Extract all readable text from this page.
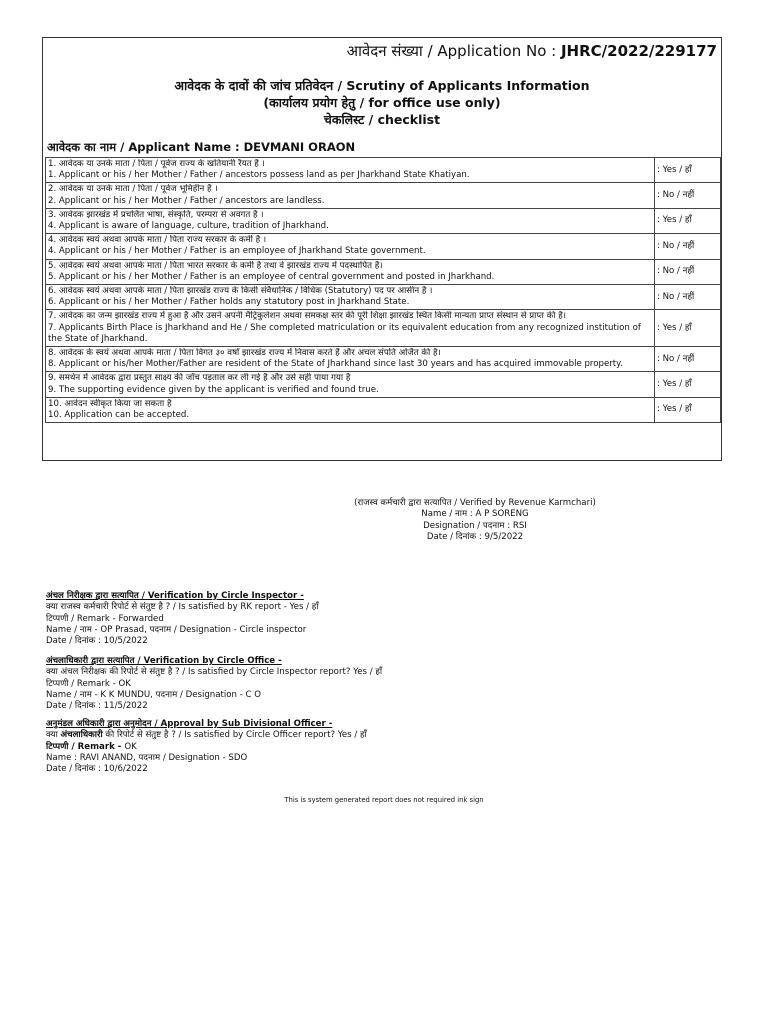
आवेदन संख्या / Application No : JHRC/2022/229177
आवेदक के दावों की जांच प्रतिवेदन / Scrutiny of Applicants Information
(कार्यालय प्रयोग हेतु / for office use only)
चेकलिस्ट / checklist
आवेदक का नाम / Applicant Name : DEVMANI ORAON
1. आवेदक या उनके माता / पिता / पूर्वज राज्य के खतियानी रैयत है ।
1. Applicant or his / her Mother / Father / ancestors possess land as per Jharkhand State Khatiyan.	: Yes / हाँ

2. आवेदक या उनके माता / पिता / पूर्वज भूमिहीन है ।
2. Applicant or his / her Mother / Father / ancestors are landless.	: No / नहीं

3. आवेदक झारखंड में प्रचलित भाषा, संस्कृति, परम्परा से अवगत है ।
4. Applicant is aware of language, culture, tradition of Jharkhand.	: Yes / हाँ

4. आवेदक स्वयं अथवा आपके माता / पिता राज्य सरकार के कर्मी है ।
4. Applicant or his / her Mother / Father is an employee of Jharkhand State government.	: No / नहीं

5. आवेदक स्वयं अथवा आपके माता / पिता भारत सरकार के कर्मी है तथा वे झारखंड राज्य में पदस्थापित हैं।
5. Applicant or his / her Mother / Father is an employee of central government and posted in Jharkhand.	: No / नहीं

6. आवेदक स्वयं अथवा आपके माता / पिता झारखंड राज्य के किसी संवैधानिक / विधिक (Statutory) पद पर आसीन है ।
6. Applicant or his / her Mother / Father holds any statutory post in Jharkhand State.	: No / नहीं

7. आवेदक का जन्म झारखंड राज्य में हुआ है और उसने अपनी मैट्रिकुलेशन अथवा समकक्ष स्तर की पूरी शिक्षा झारखंड स्थित किसी मान्यता प्राप्त संस्थान से प्राप्त की है।
7. Applicants Birth Place is Jharkhand and He / She completed matriculation or its equivalent education from any recognized institution of the State of Jharkhand.	: Yes / हाँ

8. आवेदक के स्वयं अथवा आपके माता / पिता विगत ३० वर्षों झारखंड राज्य में निवास करते हैं और अचल संपति अर्जित की है।
8. Applicant or his/her Mother/Father are resident of the State of Jharkhand since last 30 years and has acquired immovable property.	: No / नहीं

9. समर्थन में आवेदक द्वारा प्रस्तुत साक्ष्य की जाँच पड़ताल कर ली गई है और उसे सही पाया गया है
9. The supporting evidence given by the applicant is verified and found true.	: Yes / हाँ

10. आवेदन स्वीकृत किया जा सकता है
10. Application can be accepted.	: Yes / हाँ
(राजस्व कर्मचारी द्वारा सत्यापित / Verified by Revenue Karmchari)
Name / नाम : A P SORENG
Designation / पदनाम : RSI
Date / दिनांक : 9/5/2022
अंचल निरीक्षक द्वारा सत्यापित / Verification by Circle Inspector -
क्या राजस्व कर्मचारी रिपोर्ट से संतुष्ट है ? / Is satisfied by RK report - Yes / हाँ
टिप्पणी / Remark - Forwarded
Name / नाम - OP Prasad, पदनाम / Designation - Circle inspector
Date / दिनांक : 10/5/2022
अंचलाधिकारी द्वारा सत्यापित / Verification by Circle Office -
क्या अंचल निरीक्षक की रिपोर्ट से संतुष्ट है ? / Is satisfied by Circle Inspector report? Yes / हाँ
टिप्पणी / Remark - OK
Name / नाम - K K MUNDU, पदनाम / Designation - C O
Date / दिनांक : 11/5/2022
अनुमंडल अधिकारी द्वारा अनुमोदन / Approval by Sub Divisional Officer -
क्या अंचलाधिकारी की रिपोर्ट से संतुष्ट है ? / Is satisfied by Circle Officer report? Yes / हाँ
टिप्पणी / Remark - OK
Name : RAVI ANAND, पदनाम / Designation - SDO
Date / दिनांक : 10/6/2022
This is system generated report does not required ink sign
